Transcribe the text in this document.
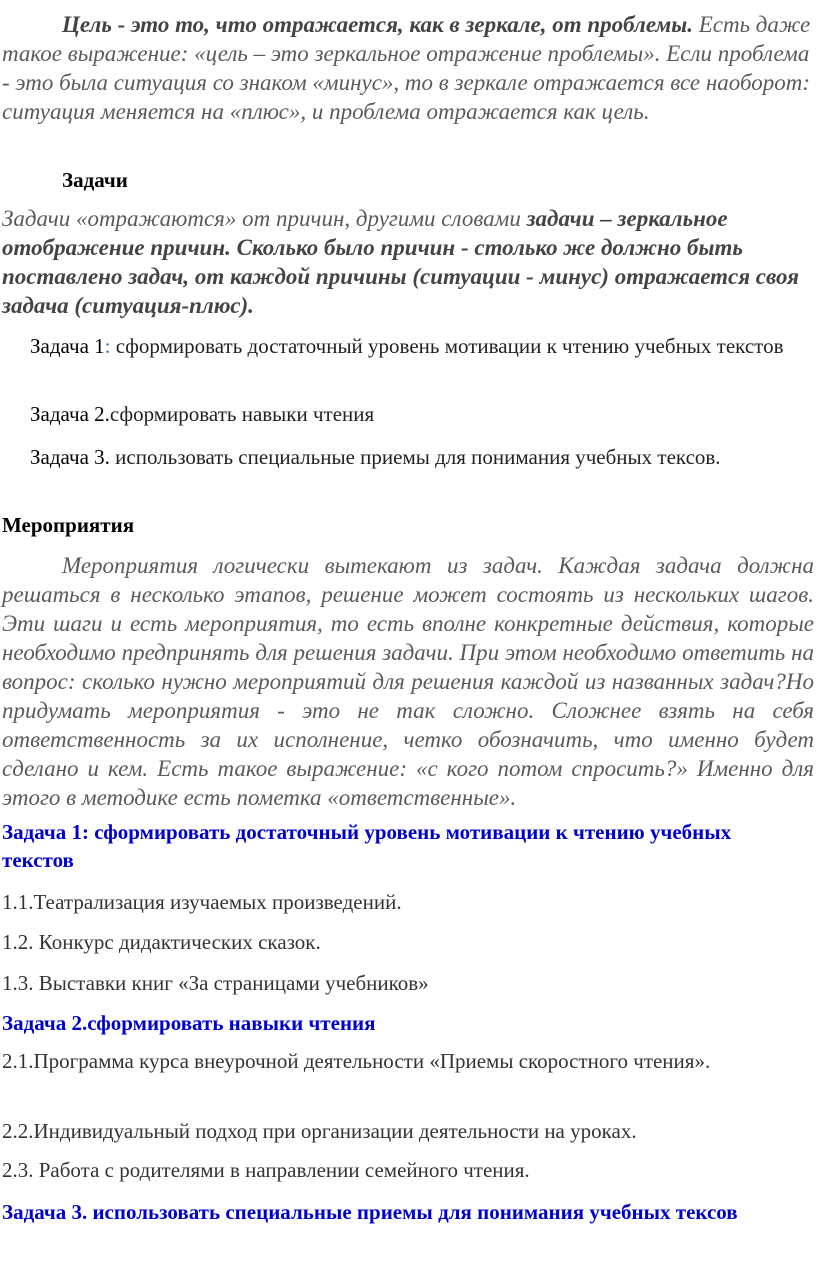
Цель - это то, что отражается, как в зеркале, от проблемы. Есть даже такое выражение: «цель – это зеркальное отражение проблемы». Если проблема - это была ситуация со знаком «минус», то в зеркале отражается все наоборот: ситуация меняется на «плюс», и проблема отражается как цель.

Задачи

Задачи «отражаются» от причин, другими словами задачи – зеркальное отображение причин. Сколько было причин - столько же должно быть поставлено задач, от каждой причины (ситуации - минус) отражается своя задача (ситуация-плюс).

Задача 1: сформировать достаточный уровень мотивации к чтению учебных текстов

Задача 2.сформировать навыки чтения

Задача 3. использовать специальные приемы для понимания учебных тексов.

Мероприятия

Мероприятия логически вытекают из задач. Каждая задача должна решаться в несколько этапов, решение может состоять из нескольких шагов. Эти шаги и есть мероприятия, то есть вполне конкретные действия, которые необходимо предпринять для решения задачи. При этом необходимо ответить на вопрос: сколько нужно мероприятий для решения каждой из названных задач?Но придумать мероприятия - это не так сложно. Сложнее взять на себя ответственность за их исполнение, четко обозначить, что именно будет сделано и кем. Есть такое выражение: «с кого потом спросить?» Именно для этого в методике есть пометка «ответственные».

Задача 1: сформировать достаточный уровень мотивации к чтению учебных текстов

1.1.Театрализация изучаемых произведений.

1.2. Конкурс дидактических сказок.

1.3. Выставки книг «За страницами учебников»

Задача 2.сформировать навыки чтения

2.1.Программа курса внеурочной деятельности «Приемы скоростного чтения».

2.2.Индивидуальный подход при организации деятельности на уроках.

2.3. Работа с родителями в направлении семейного чтения.

Задача 3. использовать специальные приемы для понимания учебных тексов
